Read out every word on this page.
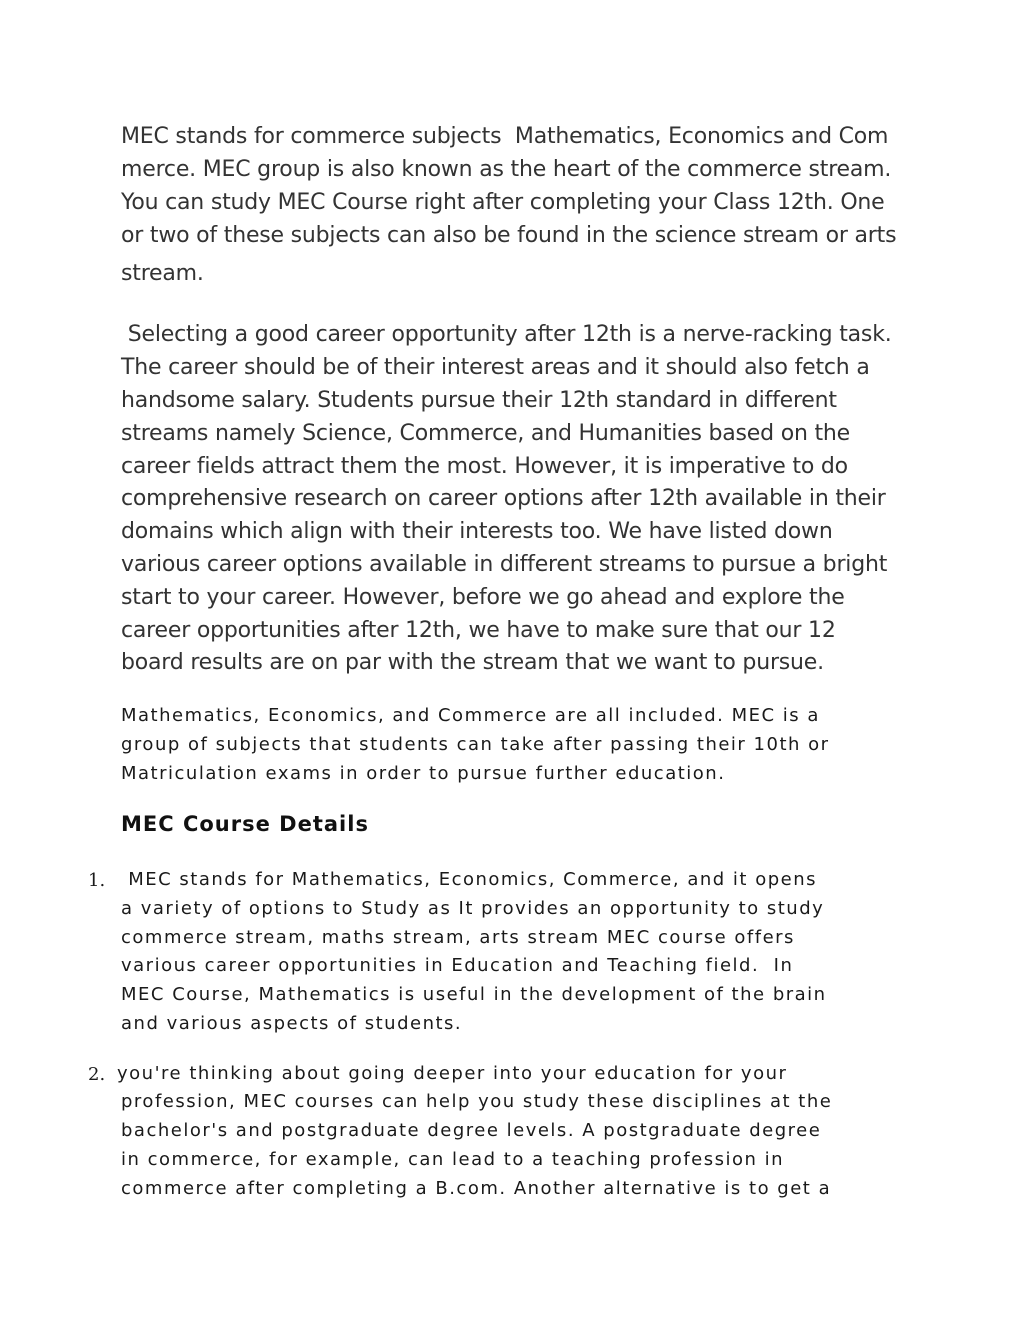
MEC stands for commerce subjects  Mathematics, Economics and Com
merce. MEC group is also known as the heart of the commerce stream.
You can study MEC Course right after completing your Class 12th. One
or two of these subjects can also be found in the science stream or arts
stream.
Selecting a good career opportunity after 12th is a nerve-racking task.
The career should be of their interest areas and it should also fetch a
handsome salary. Students pursue their 12th standard in different
streams namely Science, Commerce, and Humanities based on the
career fields attract them the most. However, it is imperative to do
comprehensive research on career options after 12th available in their
domains which align with their interests too. We have listed down
various career options available in different streams to pursue a bright
start to your career. However, before we go ahead and explore the
career opportunities after 12th, we have to make sure that our 12
board results are on par with the stream that we want to pursue.
Mathematics, Economics, and Commerce are all included. MEC is a
group of subjects that students can take after passing their 10th or
Matriculation exams in order to pursue further education.
MEC Course Details
1. MEC stands for Mathematics, Economics, Commerce, and it opens
a variety of options to Study as It provides an opportunity to study
commerce stream, maths stream, arts stream MEC course offers
various career opportunities in Education and Teaching field.  In
MEC Course, Mathematics is useful in the development of the brain
and various aspects of students.
2. you're thinking about going deeper into your education for your
profession, MEC courses can help you study these disciplines at the
bachelor's and postgraduate degree levels. A postgraduate degree
in commerce, for example, can lead to a teaching profession in
commerce after completing a B.com. Another alternative is to get a
